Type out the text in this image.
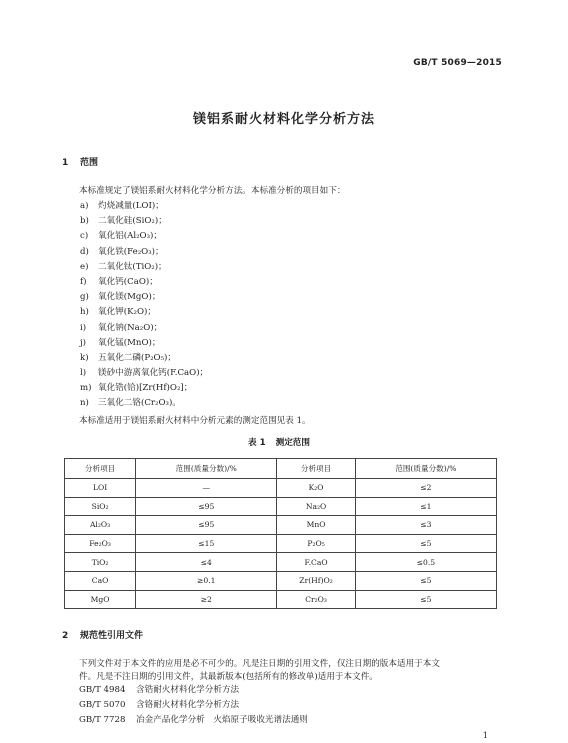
GB/T 5069—2015
镁铝系耐火材料化学分析方法
1 范围
本标准规定了镁铝系耐火材料化学分析方法。本标准分析的项目如下：
a) 灼烧减量(LOI)；
b) 二氧化硅(SiO₂)；
c) 氧化铝(Al₂O₃)；
d) 氧化铁(Fe₂O₃)；
e) 二氧化钛(TiO₂)；
f) 氧化钙(CaO)；
g) 氧化镁(MgO)；
h) 氧化钾(K₂O)；
i) 氧化钠(Na₂O)；
j) 氧化锰(MnO)；
k) 五氧化二磷(P₂O₅)；
l) 镁砂中游离氧化钙(F.CaO)；
m) 氧化锆(铪)[Zr(Hf)O₂]；
n) 三氧化二铬(Cr₂O₃)。
本标准适用于镁铝系耐火材料中分析元素的测定范围见表 1。
表 1 测定范围
分析项目	范围(质量分数)/%	分析项目	范围(质量分数)/%
LOI	—	K₂O	≤2
SiO₂	≤95	Na₂O	≤1
Al₂O₃	≤95	MnO	≤3
Fe₂O₃	≤15	P₂O₅	≤5
TiO₂	≤4	F.CaO	≤0.5
CaO	≥0.1	Zr(Hf)O₂	≤5
MgO	≥2	Cr₂O₃	≤5
2 规范性引用文件
下列文件对于本文件的应用是必不可少的。凡是注日期的引用文件，仅注日期的版本适用于本文
件。凡是不注日期的引用文件，其最新版本(包括所有的修改单)适用于本文件。
GB/T 4984 含锆耐火材料化学分析方法
GB/T 5070 含铬耐火材料化学分析方法
GB/T 7728 冶金产品化学分析　火焰原子吸收光谱法通则
1
